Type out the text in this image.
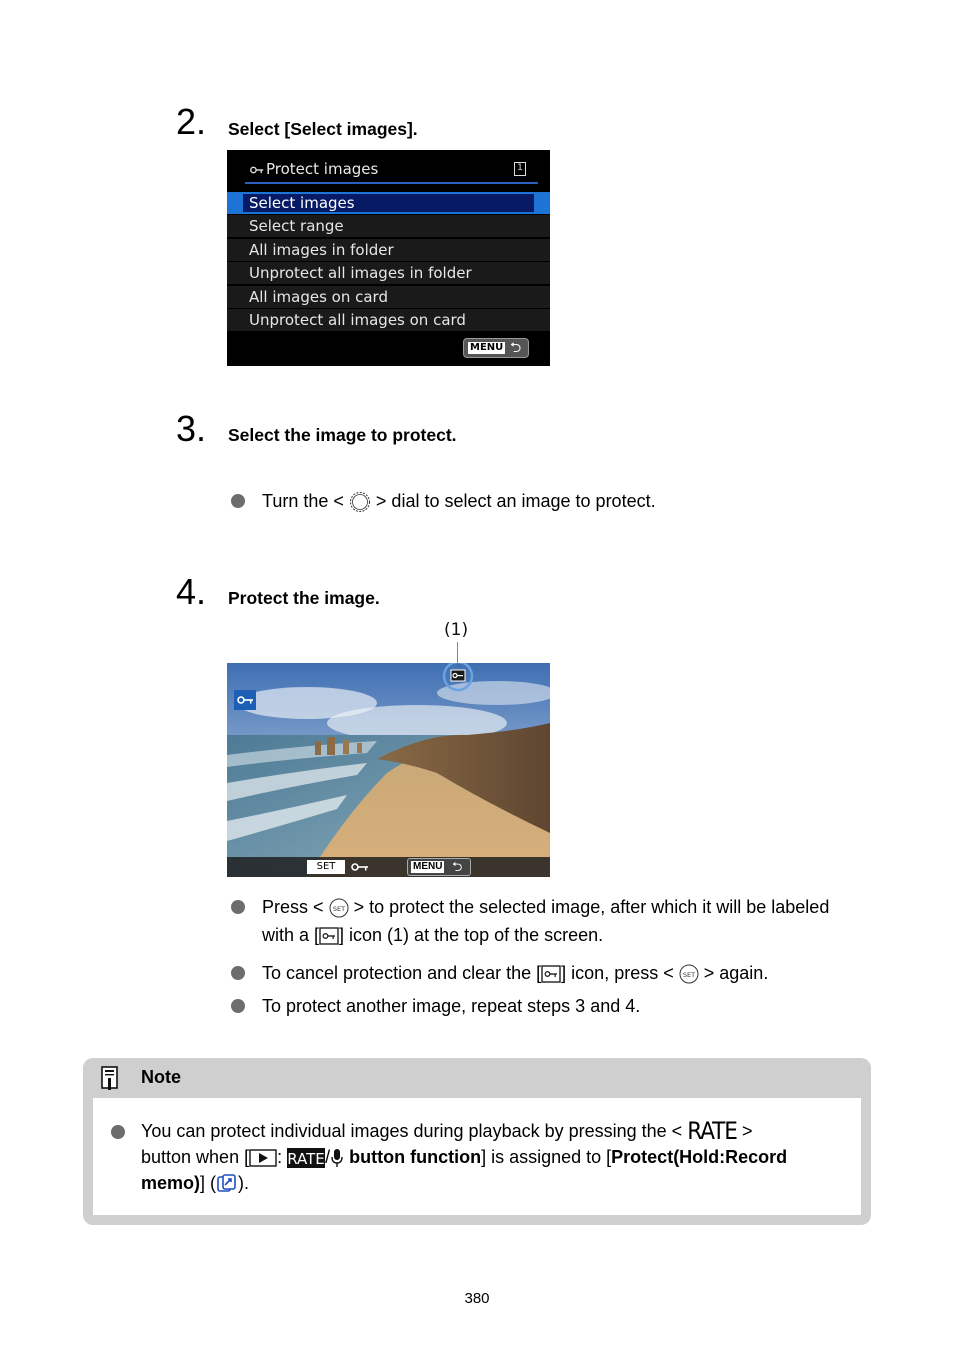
2. Select [Select images].
Protect images	1
Select images
Select range
All images in folder
Unprotect all images in folder
All images on card
Unprotect all images on card
MENU ⮌
3. Select the image to protect.
Turn the < > dial to select an image to protect.
4. Protect the image.
(1)
SET	MENU ⮌
Press < SET > to protect the selected image, after which it will be labeled
with a [ ] icon (1) at the top of the screen.
To cancel protection and clear the [ ] icon, press < SET > again.
To protect another image, repeat steps 3 and 4.
Note
You can protect individual images during playback by pressing the < RATE >
button when [ : RATE / button function] is assigned to [Protect(Hold:Record
memo)] ( ).
380
